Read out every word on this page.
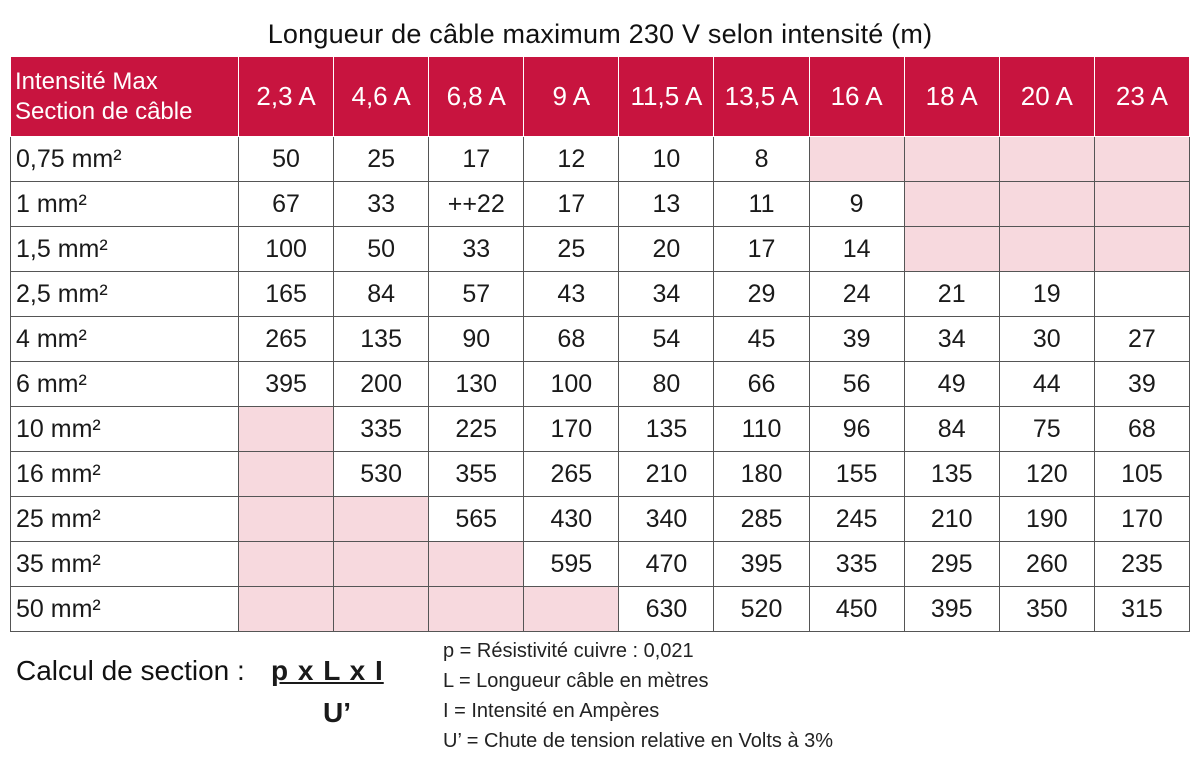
Longueur de câble maximum 230 V selon intensité (m)
Intensité Max
Section de câble	2,3 A	4,6 A	6,8 A	9 A	11,5 A	13,5 A	16 A	18 A	20 A	23 A
0,75 mm²	50	25	17	12	10	8				
1 mm²	67	33	++22	17	13	11	9			
1,5 mm²	100	50	33	25	20	17	14			
2,5 mm²	165	84	57	43	34	29	24	21	19	
4 mm²	265	135	90	68	54	45	39	34	30	27
6 mm²	395	200	130	100	80	66	56	49	44	39
10 mm²		335	225	170	135	110	96	84	75	68
16 mm²		530	355	265	210	180	155	135	120	105
25 mm²			565	430	340	285	245	210	190	170
35 mm²				595	470	395	335	295	260	235
50 mm²					630	520	450	395	350	315
Calcul de section : p x L x I
U’
p = Résistivité cuivre : 0,021
L = Longueur câble en mètres
I = Intensité en Ampères
U’ = Chute de tension relative en Volts à 3%
